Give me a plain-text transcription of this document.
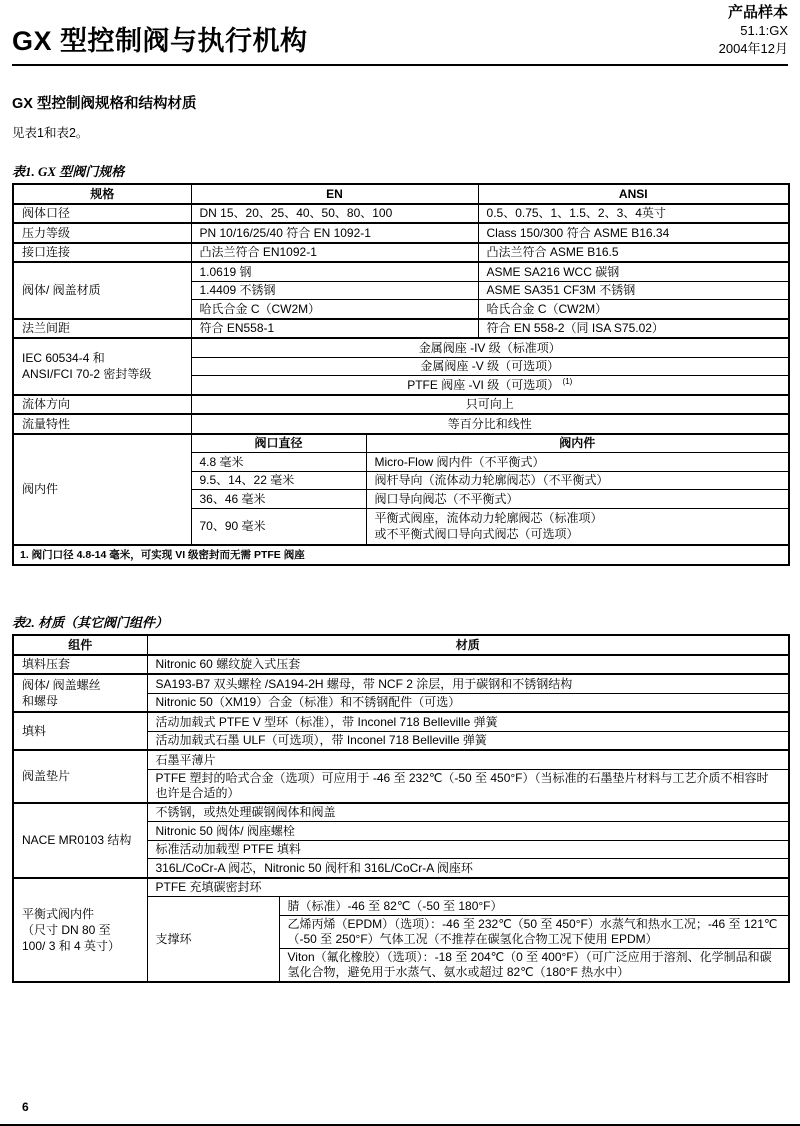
GX 型控制阀与执行机构
产品样本
51.1:GX
2004年12月
GX 型控制阀规格和结构材质
见表1和表2。
表1. GX 型阀门规格
规格	EN		ANSI
阀体口径	DN 15、20、25、40、50、80、100		0.5、0.75、1、1.5、2、3、4英寸
压力等级	PN 10/16/25/40 符合 EN 1092-1		Class 150/300 符合 ASME B16.34
接口连接	凸法兰符合 EN1092-1		凸法兰符合 ASME B16.5
阀体/ 阀盖材质	1.0619 钢		ASME SA216 WCC 碳钢
	1.4409 不锈钢		ASME SA351 CF3M 不锈钢
	哈氏合金 C（CW2M）		哈氏合金 C（CW2M）
法兰间距	符合 EN558-1		符合 EN 558-2（同 ISA S75.02）

IEC 60534-4 和
ANSI/FCI 70-2 密封等级	金属阀座 -IV 级（标准项）		
	金属阀座 -V 级（可选项）		
	PTFE 阀座 -VI 级（可选项） $^{(1)}$
流体方向	只可向上		
流量特性	等百分比和线性		
阀内件	阀口直径	阀内件	
	4.8 毫米	Micro-Flow 阀内件（不平衡式）	
	9.5、14、22 毫米	阀杆导向（流体动力轮廓阀芯）（不平衡式）	
	36、46 毫米	阀口导向阀芯（不平衡式）	
	70、90 毫米	平衡式阀座，流体动力轮廓阀芯（标准项）
或不平衡式阀口导向式阀芯（可选项）	

1. 阀门口径 4.8-14 毫米，可实现 VI 级密封而无需 PTFE 阀座			
表2. 材质（其它阀门组件）
组件	材质	
填料压套	Nitronic 60 螺纹旋入式压套	

阀体/ 阀盖螺丝
和螺母	SA193-B7 双头螺栓 /SA194-2H 螺母，带 NCF 2 涂层，用于碳钢和不锈钢结构	
	Nitronic 50（XM19）合金（标准）和不锈钢配件（可选）	
填料	活动加载式 PTFE V 型环（标准），带 Inconel 718 Belleville 弹簧	
	活动加载式石墨 ULF（可选项），带 Inconel 718 Belleville 弹簧	
阀盖垫片	石墨平薄片	
	PTFE 塑封的哈式合金（选项）可应用于 -46 至 232℃（-50 至 450°F）（当标准的石墨垫片材料与工艺介质不相容时也许是合适的）	
NACE MR0103 结构	不锈钢，或热处理碳钢阀体和阀盖	
	Nitronic 50 阀体/ 阀座螺栓	
	标准活动加载型 PTFE 填料	
	316L/CoCr-A 阀芯，Nitronic 50 阀杆和 316L/CoCr-A 阀座环	

平衡式阀内件
（尺寸 DN 80 至
100/ 3 和 4 英寸）	PTFE 充填碳密封环	
	支撑环	腈（标准）-46 至 82℃（-50 至 180°F）
		乙烯丙烯（EPDM）（选项）：-46 至 232℃（50 至 450°F）水蒸气和热水工况；-46 至 121℃（-50 至 250°F）气体工况（不推荐在碳氢化合物工况下使用 EPDM）
		Viton（氟化橡胶）（选项）：-18 至 204℃（0 至 400°F）（可广泛应用于溶剂、化学制品和碳氢化合物，避免用于水蒸气、氨水或超过 82℃（180°F 热水中）
6
